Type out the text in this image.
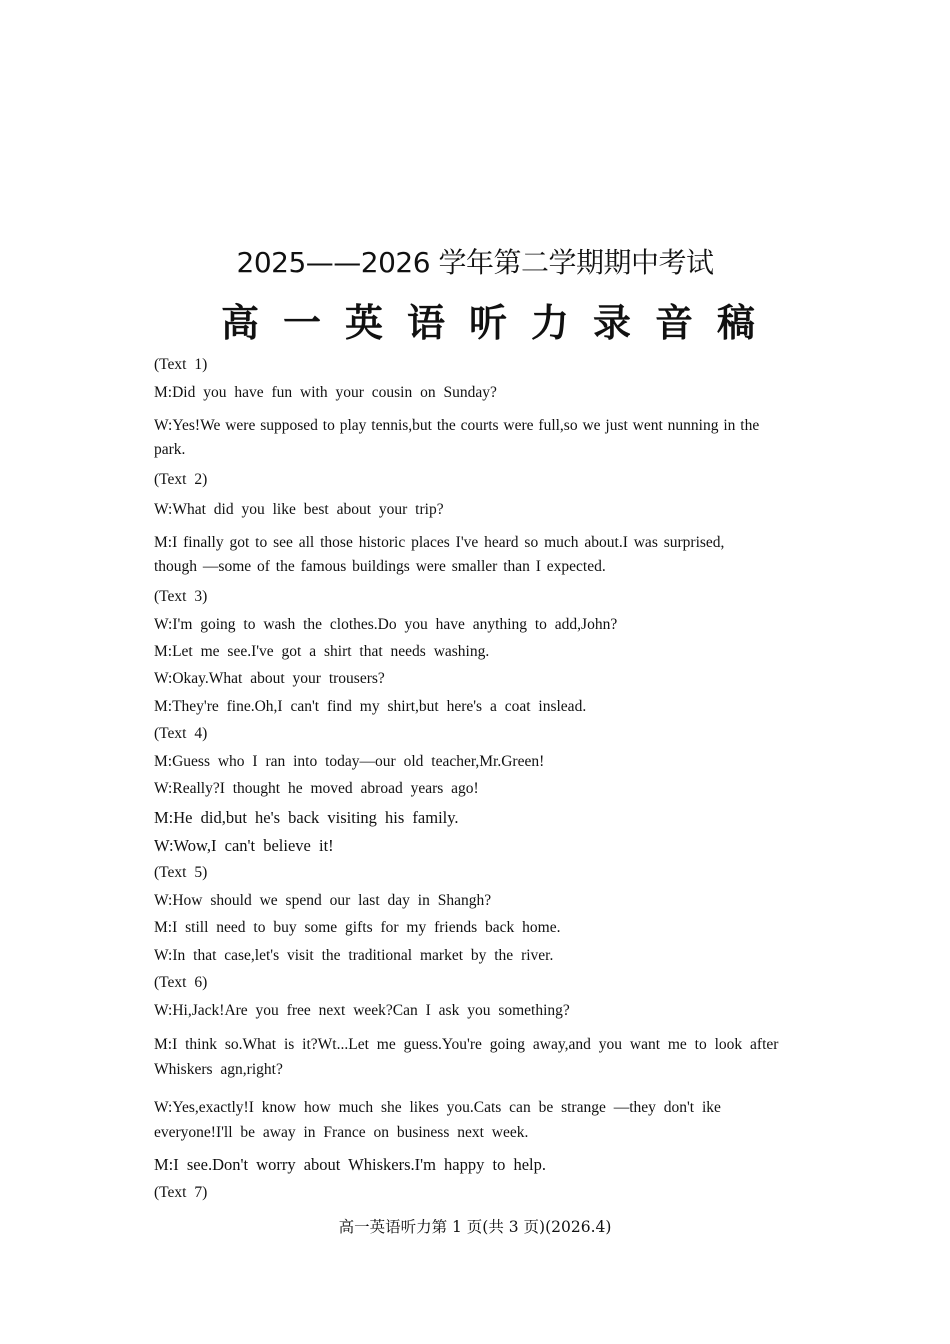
2025——2026 学年第二学期期中考试
高一英语听力录音稿
(Text 1)
M:Did you have fun with your cousin on Sunday?
W:Yes!We were supposed to play tennis,but the courts were full,so we just went nunning in the park.
(Text 2)
W:What did you like best about your trip?
M:I finally got to see all those historic places I've heard so much about.I was surprised, though —some of the famous buildings were smaller than I expected.
(Text 3)
W:I'm going to wash the clothes.Do you have anything to add,John?
M:Let me see.I've got a shirt that needs washing.
W:Okay.What about your trousers?
M:They're fine.Oh,I can't find my shirt,but here's a coat inslead.
(Text 4)
M:Guess who I ran into today—our old teacher,Mr.Green!
W:Really?I thought he moved abroad years ago!
M:He did,but he's back visiting his family.
W:Wow,I can't believe it!
(Text 5)
W:How should we spend our last day in Shangh?
M:I still need to buy some gifts for my friends back home.
W:In that case,let's visit the traditional market by the river.
(Text 6)
W:Hi,Jack!Are you free next week?Can I ask you something?
M:I think so.What is it?Wt...Let me guess.You're going away,and you want me to look after Whiskers agn,right?
W:Yes,exactly!I know how much she likes you.Cats can be strange —they don't ike everyone!I'll be away in France on business next week.
M:I see.Don't worry about Whiskers.I'm happy to help.
(Text 7)
高一英语听力第 1 页(共 3 页)(2026.4)
